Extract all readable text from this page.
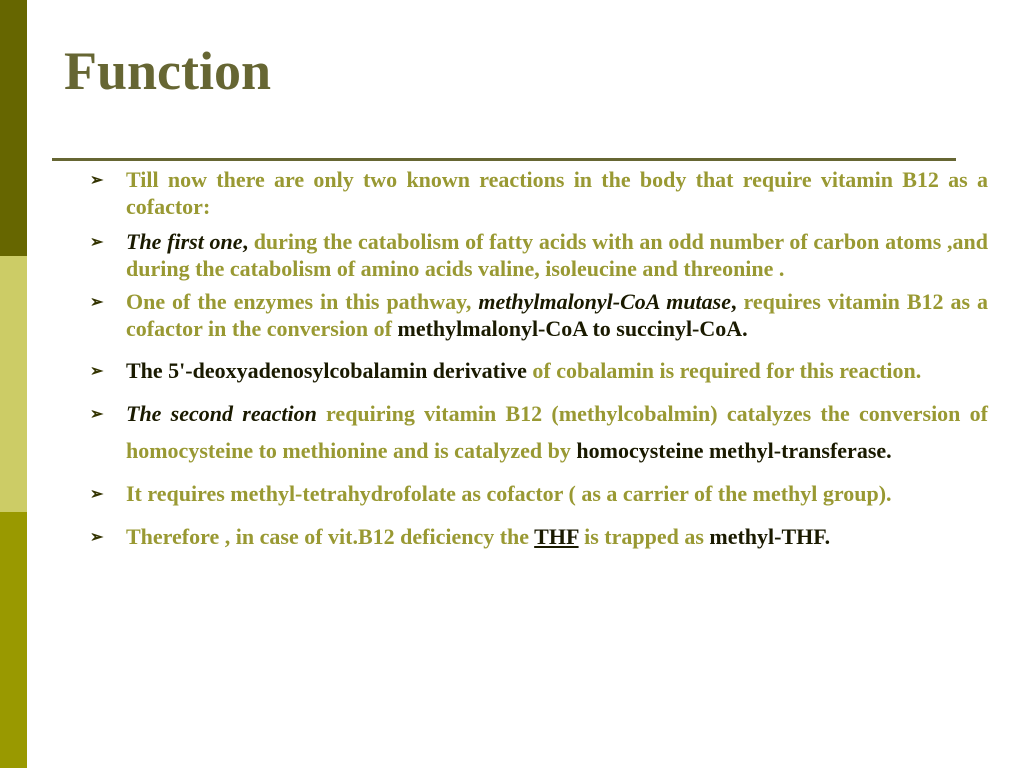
Function
➢ Till now there are only two known reactions in the body that require vitamin B12 as a cofactor:
➢ The first one, during the catabolism of fatty acids with an odd number of carbon atoms ,and during the catabolism of amino acids valine, isoleucine and threonine .
➢ One of the enzymes in this pathway, methylmalonyl-CoA mutase, requires vitamin B12 as a cofactor in the conversion of methylmalonyl-CoA to succinyl-CoA.
➢ The 5'-deoxyadenosylcobalamin derivative of cobalamin is required for this reaction.
➢ The second reaction requiring vitamin B12 (methylcobalmin) catalyzes the conversion of homocysteine to methionine and is catalyzed by homocysteine methyl-transferase.
➢ It requires methyl-tetrahydrofolate as cofactor ( as a carrier of the methyl group).
➢ Therefore , in case of vit.B12 deficiency the THF is trapped as methyl-THF.
